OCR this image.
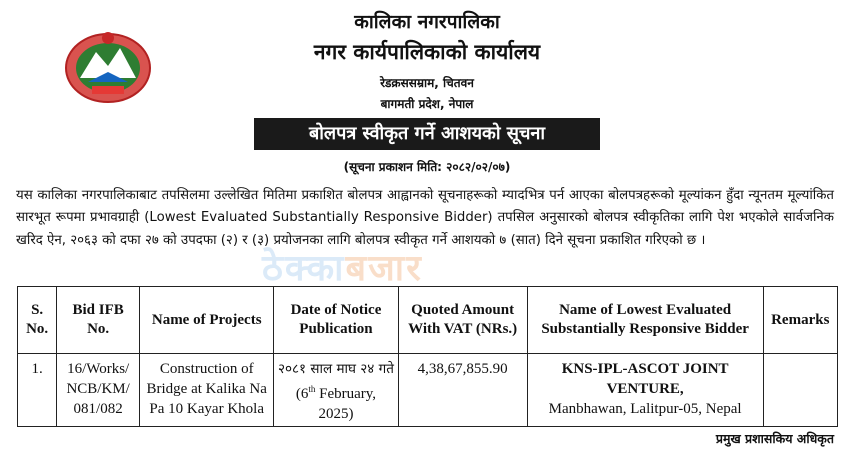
कालिका नगरपालिका
नगर कार्यपालिकाको कार्यालय
रेडक्रससम्राम, चितवन
बागमती प्रदेश, नेपाल
बोलपत्र स्वीकृत गर्ने आशयको सूचना
(सूचना प्रकाशन मिति: २०८२/०२/०७)

यस कालिका नगरपालिकाबाट तपसिलमा उल्लेखित मितिमा प्रकाशित बोलपत्र आह्वानको सूचनाहरूको म्यादभित्र पर्न आएका बोलपत्रहरूको मूल्यांकन हुँदा न्यूनतम मूल्यांकित सारभूत रूपमा प्रभावग्राही (Lowest Evaluated Substantially Responsive Bidder) तपसिल अनुसारको बोलपत्र स्वीकृतिका लागि पेश भएकोले सार्वजनिक खरिद ऐन, २०६३ को दफा २७ को उपदफा (२) र (३) प्रयोजनका लागि बोलपत्र स्वीकृत गर्ने आशयको ७ (सात) दिने सूचना प्रकाशित गरिएको छ ।

ठेक्काबजार
S. No.	Bid IFB No.	Name of Projects	Date of Notice Publication	Quoted Amount With VAT (NRs.)	Name of Lowest Evaluated Substantially Responsive Bidder	Remarks
1.	16/Works/ NCB/KM/ 081/082	Construction of Bridge at Kalika Na Pa 10 Kayar Khola	२०८१ साल माघ २४ गते (6th February, 2025)	4,38,67,855.90	KNS-IPL-ASCOT JOINT VENTURE,
Manbhawan, Lalitpur-05, Nepal	

प्रमुख प्रशासकिय अधिकृत
